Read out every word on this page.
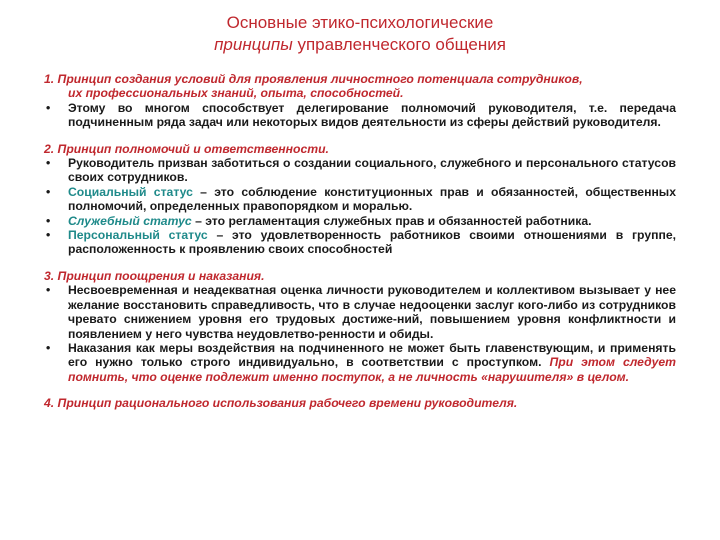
Основные этико-психологические
принципы управленческого общения
1. Принцип создания условий для проявления личностного потенциала сотрудников,
их профессиональных знаний, опыта, способностей.
• Этому во многом способствует делегирование полномочий руководителя, т.е. передача подчиненным ряда задач или некоторых видов деятельности из сферы действий руководителя.
2. Принцип полномочий и ответственности.
• Руководитель призван заботиться о создании социального, служебного и персонального статусов своих сотрудников.
• Социальный статус – это соблюдение конституционных прав и обязанностей, общественных полномочий, определенных правопорядком и моралью.
• Служебный статус – это регламентация служебных прав и обязанностей работника.
• Персональный статус – это удовлетворенность работников своими отношениями в группе, расположенность к проявлению своих способностей
3. Принцип поощрения и наказания.
• Несвоевременная и неадекватная оценка личности руководителем и коллективом вызывает у нее желание восстановить справедливость, что в случае недооценки заслуг кого-либо из сотрудников чревато снижением уровня его трудовых достиже-ний, повышением уровня конфликтности и появлением у него чувства неудовлетво-ренности и обиды.
• Наказания как меры воздействия на подчиненного не может быть главенствующим, и применять его нужно только строго индивидуально, в соответствии с проступком. При этом следует помнить, что оценке подлежит именно поступок, а не личность «нарушителя» в целом.
4. Принцип рационального использования рабочего времени руководителя.
